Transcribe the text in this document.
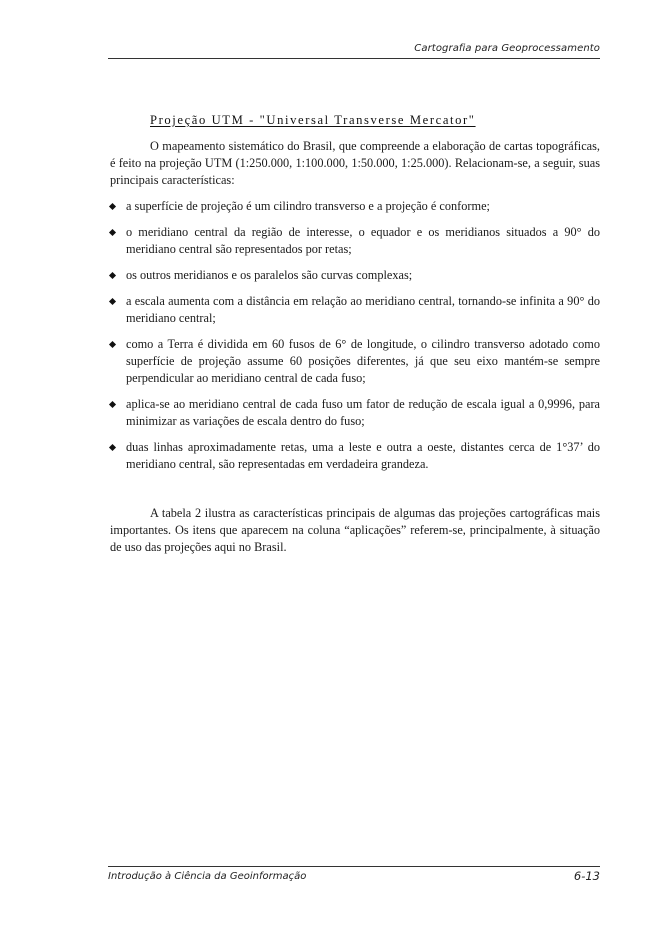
Cartografia para Geoprocessamento
Projeção UTM - "Universal Transverse Mercator"

O mapeamento sistemático do Brasil, que compreende a elaboração de cartas topográficas, é feito na projeção UTM (1:250.000, 1:100.000, 1:50.000, 1:25.000). Relacionam-se, a seguir, suas principais características:

a superfície de projeção é um cilindro transverso e a projeção é conforme;
o meridiano central da região de interesse, o equador e os meridianos situados a 90° do meridiano central são representados por retas;
os outros meridianos e os paralelos são curvas complexas;
a escala aumenta com a distância em relação ao meridiano central, tornando-se infinita a 90° do meridiano central;
como a Terra é dividida em 60 fusos de 6° de longitude, o cilindro transverso adotado como superfície de projeção assume 60 posições diferentes, já que seu eixo mantém-se sempre perpendicular ao meridiano central de cada fuso;
aplica-se ao meridiano central de cada fuso um fator de redução de escala igual a 0,9996, para minimizar as variações de escala dentro do fuso;
duas linhas aproximadamente retas, uma a leste e outra a oeste, distantes cerca de 1°37’ do meridiano central, são representadas em verdadeira grandeza.

A tabela 2 ilustra as características principais de algumas das projeções cartográficas mais importantes. Os itens que aparecem na coluna “aplicações” referem-se, principalmente, à situação de uso das projeções aqui no Brasil.

Introdução à Ciência da Geoinformação	6-13
